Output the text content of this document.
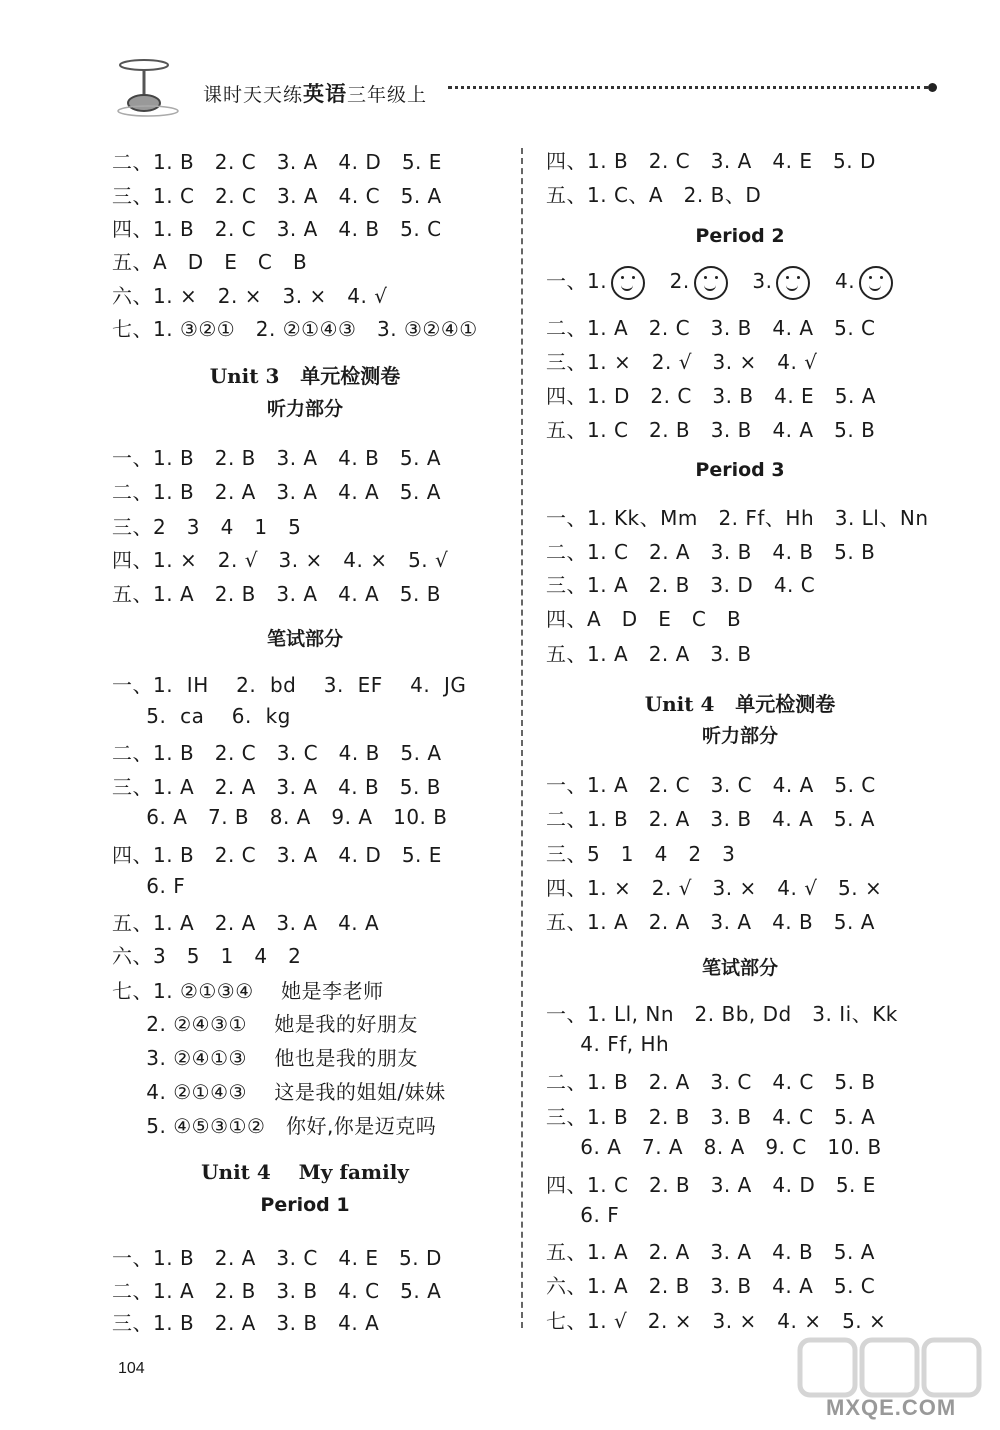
课时天天练英语三年级上
二、1. B   2. C   3. A   4. D   5. E
三、1. C   2. C   3. A   4. C   5. A
四、1. B   2. C   3. A   4. B   5. C
五、A   D   E   C   B
六、1. ×   2. ×   3. ×   4. √
七、1. ③②①   2. ②①④③   3. ③②④①
Unit 3   单元检测卷
听力部分
一、1. B   2. B   3. A   4. B   5. A
二、1. B   2. A   3. A   4. A   5. A
三、2   3   4   1   5
四、1. ×   2. √   3. ×   4. ×   5. √
五、1. A   2. B   3. A   4. A   5. B
笔试部分
一、1.  IH    2.  bd    3.  EF    4.  JG
5.  ca    6.  kg
二、1. B   2. C   3. C   4. B   5. A
三、1. A   2. A   3. A   4. B   5. B
6. A   7. B   8. A   9. A   10. B
四、1. B   2. C   3. A   4. D   5. E
6. F
五、1. A   2. A   3. A   4. A
六、3   5   1   4   2
七、1. ②①③④    她是李老师
2. ②④③①    她是我的好朋友
3. ②④①③    他也是我的朋友
4. ②①④③    这是我的姐姐/妹妹
5. ④⑤③①②   你好,你是迈克吗
Unit 4    My family
Period 1
一、1. B   2. A   3. C   4. E   5. D
二、1. A   2. B   3. B   4. C   5. A
三、1. B   2. A   3. B   4. A
四、1. B   2. C   3. A   4. E   5. D
五、1. C、A   2. B、D
Period 2
一、1.	2.	3.	4.

二、1. A   2. C   3. B   4. A   5. C
三、1. ×   2. √   3. ×   4. √
四、1. D   2. C   3. B   4. E   5. A
五、1. C   2. B   3. B   4. A   5. B
Period 3
一、1. Kk、Mm   2. Ff、Hh   3. Ll、Nn
二、1. C   2. A   3. B   4. B   5. B
三、1. A   2. B   3. D   4. C
四、A   D   E   C   B
五、1. A   2. A   3. B
Unit 4   单元检测卷
听力部分
一、1. A   2. C   3. C   4. A   5. C
二、1. B   2. A   3. B   4. A   5. A
三、5   1   4   2   3
四、1. ×   2. √   3. ×   4. √   5. ×
五、1. A   2. A   3. A   4. B   5. A
笔试部分
一、1. Ll, Nn   2. Bb, Dd   3. Ii、Kk
4. Ff, Hh
二、1. B   2. A   3. C   4. C   5. B
三、1. B   2. B   3. B   4. C   5. A
6. A   7. A   8. A   9. C   10. B
四、1. C   2. B   3. A   4. D   5. E
6. F
五、1. A   2. A   3. A   4. B   5. A
六、1. A   2. B   3. B   4. A   5. C
七、1. √   2. ×   3. ×   4. ×   5. ×
104
MXQE.COM
